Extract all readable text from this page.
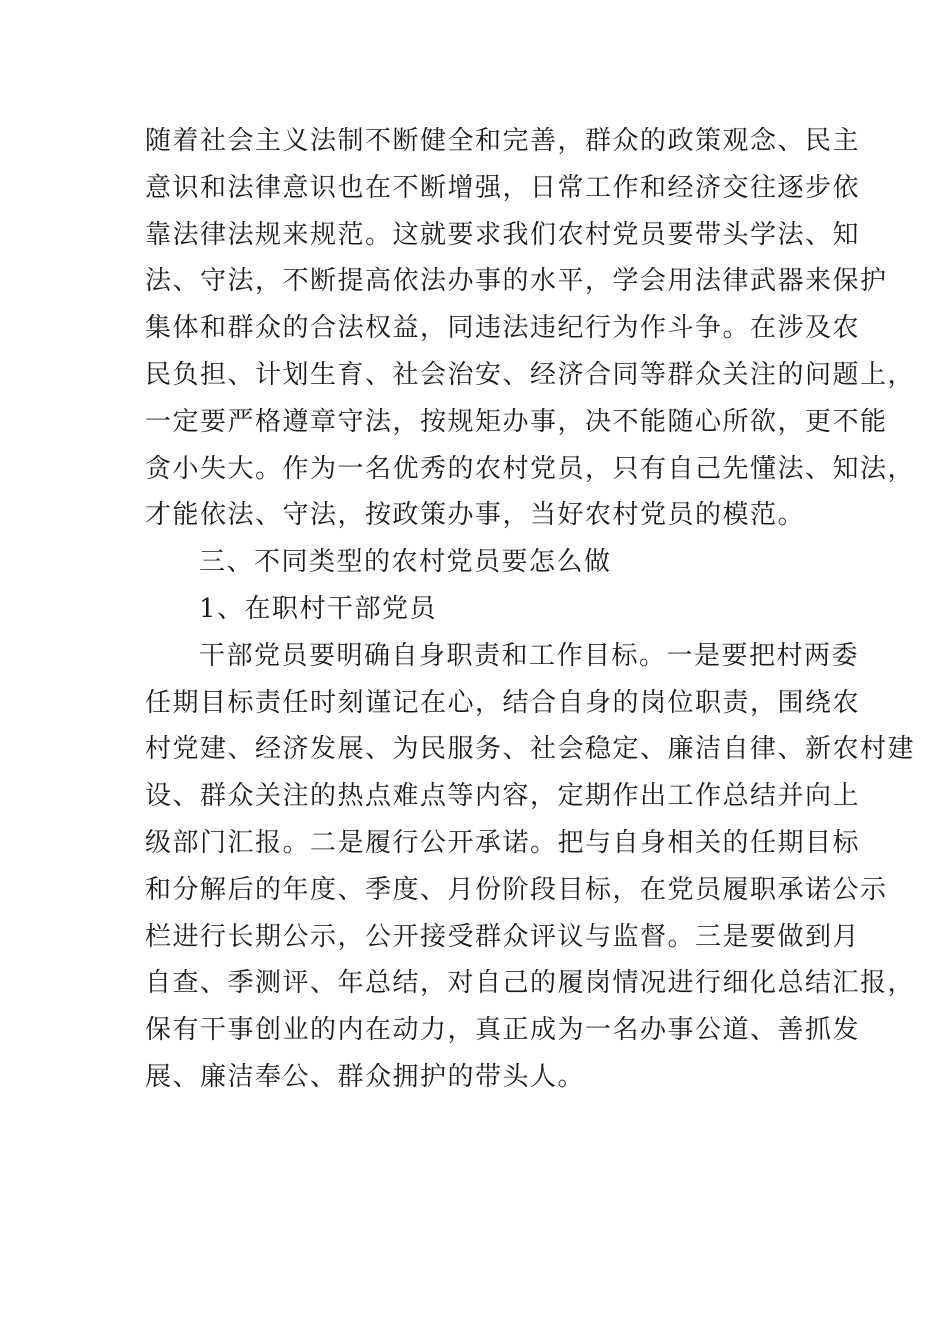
随着社会主义法制不断健全和完善，群众的政策观念、民主
意识和法律意识也在不断增强，日常工作和经济交往逐步依
靠法律法规来规范。这就要求我们农村党员要带头学法、知
法、守法，不断提高依法办事的水平，学会用法律武器来保护
集体和群众的合法权益，同违法违纪行为作斗争。在涉及农
民负担、计划生育、社会治安、经济合同等群众关注的问题上，
一定要严格遵章守法，按规矩办事，决不能随心所欲，更不能
贪小失大。作为一名优秀的农村党员，只有自己先懂法、知法，
才能依法、守法，按政策办事，当好农村党员的模范。
三、不同类型的农村党员要怎么做
1、在职村干部党员
干部党员要明确自身职责和工作目标。一是要把村两委
任期目标责任时刻谨记在心，结合自身的岗位职责，围绕农
村党建、经济发展、为民服务、社会稳定、廉洁自律、新农村建
设、群众关注的热点难点等内容，定期作出工作总结并向上
级部门汇报。二是履行公开承诺。把与自身相关的任期目标
和分解后的年度、季度、月份阶段目标，在党员履职承诺公示
栏进行长期公示，公开接受群众评议与监督。三是要做到月
自查、季测评、年总结，对自己的履岗情况进行细化总结汇报，
保有干事创业的内在动力，真正成为一名办事公道、善抓发
展、廉洁奉公、群众拥护的带头人。
